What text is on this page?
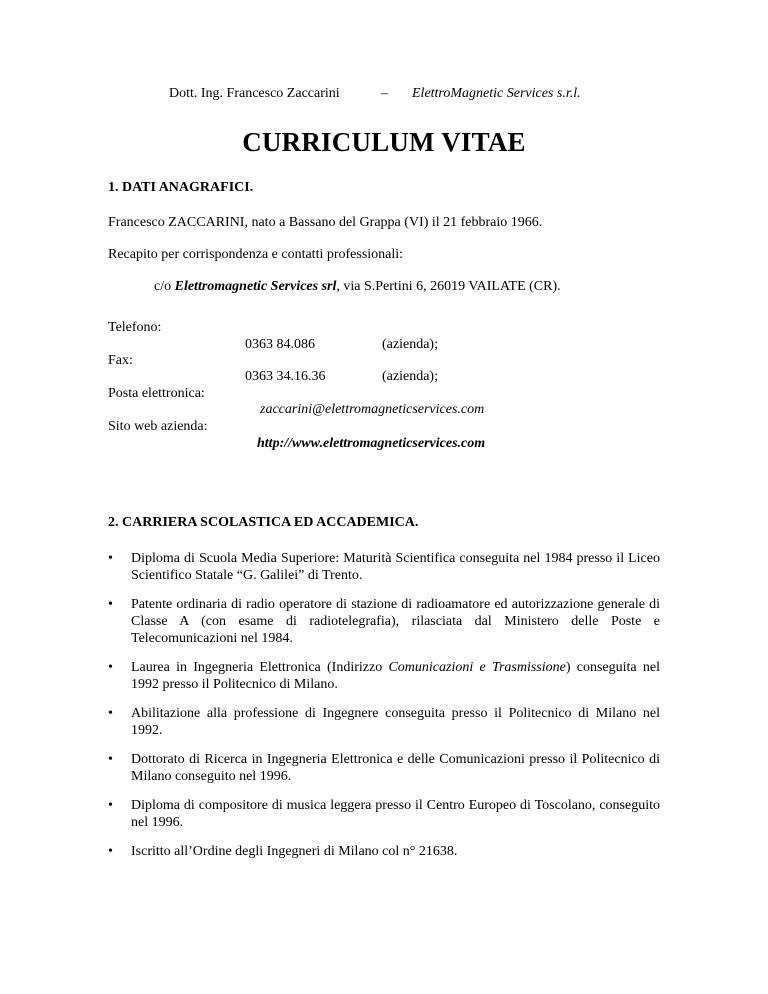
Dott. Ing. Francesco Zaccarini	– ElettroMagnetic Services s.r.l.
CURRICULUM VITAE
1. DATI ANAGRAFICI.
Francesco ZACCARINI, nato a Bassano del Grappa (VI) il 21 febbraio 1966.
Recapito per corrispondenza e contatti professionali:
c/o Elettromagnetic Services srl, via S.Pertini 6, 26019 VAILATE (CR).
Telefono:
0363 84.086	(azienda);
Fax:
0363 34.16.36	(azienda);
Posta elettronica:
zaccarini@elettromagneticservices.com
Sito web azienda:
http://www.elettromagneticservices.com
2. CARRIERA SCOLASTICA ED ACCADEMICA.
• Diploma di Scuola Media Superiore: Maturità Scientifica conseguita nel 1984 presso il Liceo Scientifico Statale “G. Galilei” di Trento.
• Patente ordinaria di radio operatore di stazione di radioamatore ed autorizzazione generale di Classe A (con esame di radiotelegrafia), rilasciata dal Ministero delle Poste e Telecomunicazioni nel 1984.
• Laurea in Ingegneria Elettronica (Indirizzo Comunicazioni e Trasmissione) conseguita nel 1992 presso il Politecnico di Milano.
• Abilitazione alla professione di Ingegnere conseguita presso il Politecnico di Milano nel 1992.
• Dottorato di Ricerca in Ingegneria Elettronica e delle Comunicazioni presso il Politecnico di Milano conseguito nel 1996.
• Diploma di compositore di musica leggera presso il Centro Europeo di Toscolano, conseguito nel 1996.
• Iscritto all’Ordine degli Ingegneri di Milano col n° 21638.
